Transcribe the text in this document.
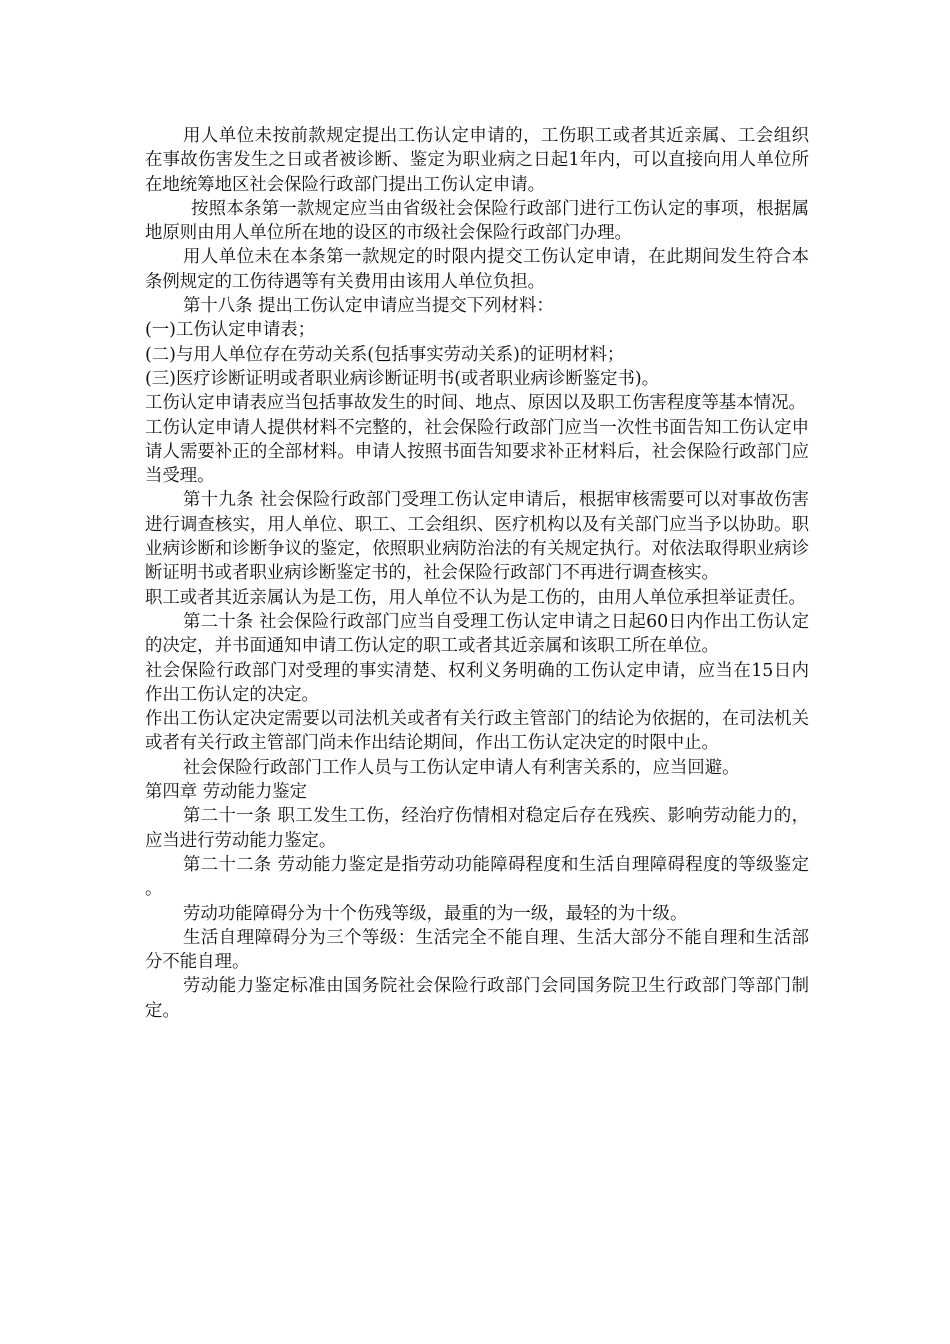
用人单位未按前款规定提出工伤认定申请的，工伤职工或者其近亲属、工会组织在事故伤害发生之日或者被诊断、鉴定为职业病之日起1年内，可以直接向用人单位所在地统筹地区社会保险行政部门提出工伤认定申请。

按照本条第一款规定应当由省级社会保险行政部门进行工伤认定的事项，根据属地原则由用人单位所在地的设区的市级社会保险行政部门办理。

用人单位未在本条第一款规定的时限内提交工伤认定申请，在此期间发生符合本条例规定的工伤待遇等有关费用由该用人单位负担。

第十八条 提出工伤认定申请应当提交下列材料：

(一)工伤认定申请表；

(二)与用人单位存在劳动关系(包括事实劳动关系)的证明材料；

(三)医疗诊断证明或者职业病诊断证明书(或者职业病诊断鉴定书)。

工伤认定申请表应当包括事故发生的时间、地点、原因以及职工伤害程度等基本情况。

工伤认定申请人提供材料不完整的，社会保险行政部门应当一次性书面告知工伤认定申请人需要补正的全部材料。申请人按照书面告知要求补正材料后，社会保险行政部门应当受理。

第十九条 社会保险行政部门受理工伤认定申请后，根据审核需要可以对事故伤害进行调查核实，用人单位、职工、工会组织、医疗机构以及有关部门应当予以协助。职业病诊断和诊断争议的鉴定，依照职业病防治法的有关规定执行。对依法取得职业病诊断证明书或者职业病诊断鉴定书的，社会保险行政部门不再进行调查核实。

职工或者其近亲属认为是工伤，用人单位不认为是工伤的，由用人单位承担举证责任。

第二十条 社会保险行政部门应当自受理工伤认定申请之日起60日内作出工伤认定的决定，并书面通知申请工伤认定的职工或者其近亲属和该职工所在单位。

社会保险行政部门对受理的事实清楚、权利义务明确的工伤认定申请，应当在15日内作出工伤认定的决定。

作出工伤认定决定需要以司法机关或者有关行政主管部门的结论为依据的，在司法机关或者有关行政主管部门尚未作出结论期间，作出工伤认定决定的时限中止。

社会保险行政部门工作人员与工伤认定申请人有利害关系的，应当回避。

第四章 劳动能力鉴定

第二十一条 职工发生工伤，经治疗伤情相对稳定后存在残疾、影响劳动能力的，应当进行劳动能力鉴定。

第二十二条 劳动能力鉴定是指劳动功能障碍程度和生活自理障碍程度的等级鉴定。

劳动功能障碍分为十个伤残等级，最重的为一级，最轻的为十级。

生活自理障碍分为三个等级：生活完全不能自理、生活大部分不能自理和生活部分不能自理。

劳动能力鉴定标准由国务院社会保险行政部门会同国务院卫生行政部门等部门制定。
